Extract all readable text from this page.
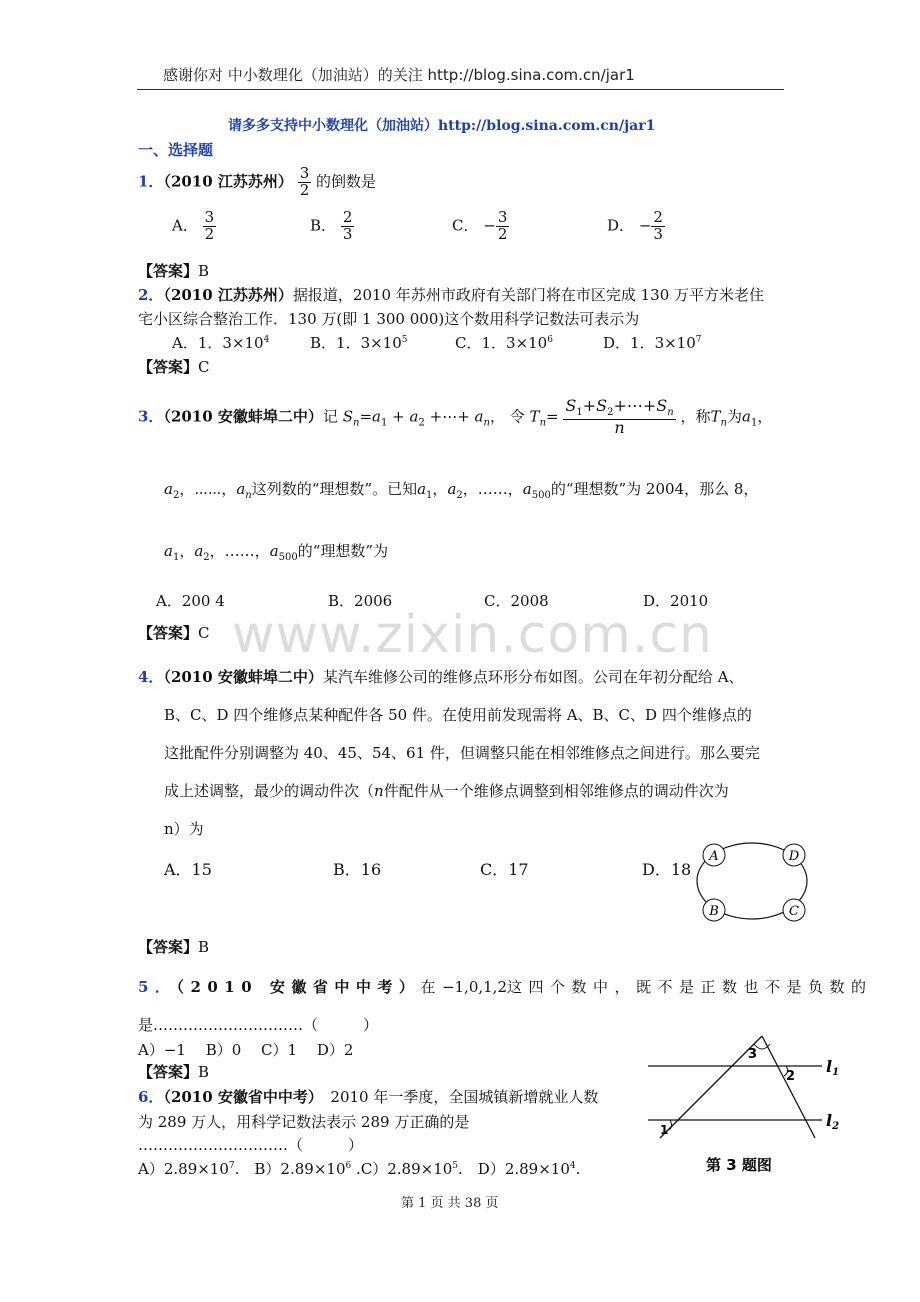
感谢你对 中小数理化（加油站）的关注 http://blog.sina.com.cn/jar1
请多多支持中小数理化（加油站）http://blog.sina.com.cn/jar1
一、选择题
1．（2010 江苏苏州） $\frac{3}{2}$ 的倒数是
A． $\frac{3}{2}$	B． $\frac{2}{3}$	C． − $\frac{3}{2}$	D． − $\frac{2}{3}$
【答案】B
2．（2010 江苏苏州）据报道，2010 年苏州市政府有关部门将在市区完成 130 万平方米老住
宅小区综合整治工作．130 万(即 1 300 000)这个数用科学记数法可表示为
A．1．$3\times 10^4$	B．1．$3\times 10^5$	C．1．$3\times 10^6$	D．1．$3\times 10^7$
【答案】C
3．（2010 安徽蚌埠二中）记 $S_n=a_1 + a_2$ +⋯+ $a_n$， 令 $T_n= \frac{S_1+S_2+\cdots+S_n}{n}$ ，称$T_n$为$a_1$，
$a_2$，⋯⋯，$a_n$这列数的“理想数”。已知$a_1$，$a_2$，……，$a_{500}$的“理想数”为 2004，那么 8，
$a_1$，$a_2$，……，$a_{500}$的“理想数”为
A．200 4	B．2006	C．2008	D．2010
【答案】C www.zixin.com.cn
4．（2010 安徽蚌埠二中）某汽车维修公司的维修点环形分布如图。公司在年初分配给 A、
B、C、D 四个维修点某种配件各 50 件。在使用前发现需将 A、B、C、D 四个维修点的
这批配件分别调整为 40、45、54、61 件，但调整只能在相邻维修点之间进行。那么要完
成上述调整，最少的调动件次（n件配件从一个维修点调整到相邻维修点的调动件次为
n）为
A．15	B．16	C．17	D．18
A	D
B	C
【答案】B
5．（2010 安徽省中中考）在−1,0,1,2这四个数中，既不是正数也不是负数的
是…………………………（　　　）
A）−1　 B）0　 C）1　 D）2
【答案】B
6．（2010 安徽省中中考）　2010 年一季度，全国城镇新增就业人数
为 289 万人，用科学记数法表示 289 万正确的是
…………………………（　　　）
$A)2.89\times 10^7$.　$B)2.89\times 10^6$ $.C)2.89\times 10^5$.　$D)2.89\times 10^4$.
3
2
1
l1
l2
第 3 题图
第 1 页 共 38 页
